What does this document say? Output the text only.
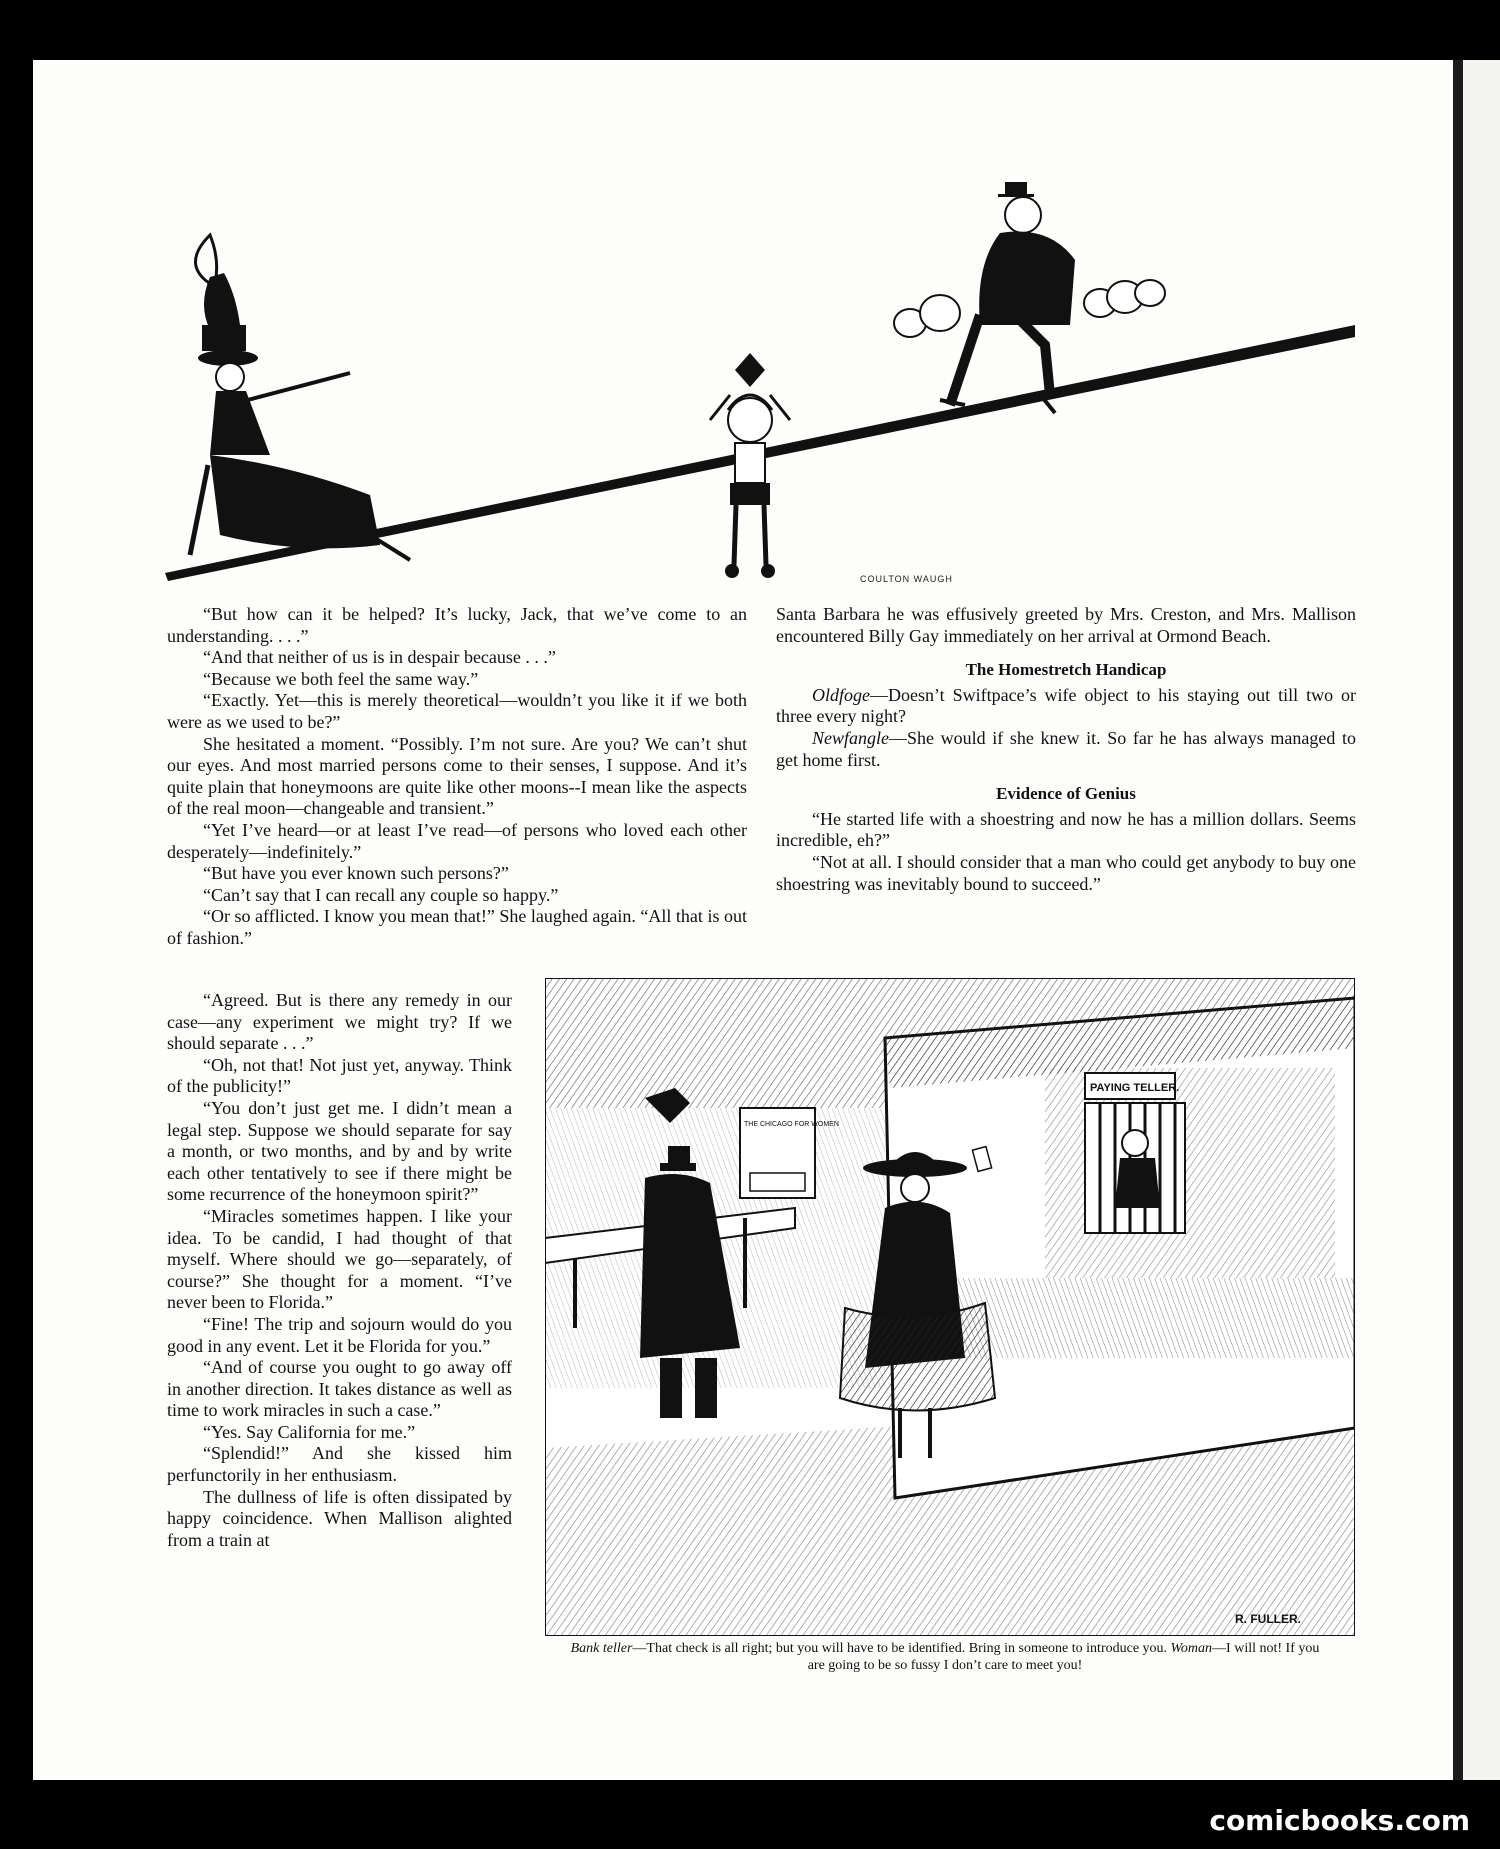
COULTON WAUGH

“But how can it be helped? It’s lucky, Jack, that we’ve come to an understanding. . . .”

“And that neither of us is in despair because . . .”

“Because we both feel the same way.”

“Exactly. Yet—this is merely theoretical—wouldn’t you like it if we both were as we used to be?”

She hesitated a moment. “Possibly. I’m not sure. Are you? We can’t shut our eyes. And most married persons come to their senses, I suppose. And it’s quite plain that honeymoons are quite like other moons--I mean like the aspects of the real moon—changeable and transient.”

“Yet I’ve heard—or at least I’ve read—of persons who loved each other desperately—indefinitely.”

“But have you ever known such persons?”

“Can’t say that I can recall any couple so happy.”

“Or so afflicted. I know you mean that!” She laughed again. “All that is out of fashion.”

“Agreed. But is there any remedy in our case—any experiment we might try? If we should separate . . .”

“Oh, not that! Not just yet, anyway. Think of the publicity!”

“You don’t just get me. I didn’t mean a legal step. Suppose we should separate for say a month, or two months, and by and by write each other tentatively to see if there might be some recurrence of the honeymoon spirit?”

“Miracles sometimes happen. I like your idea. To be candid, I had thought of that myself. Where should we go—separately, of course?” She thought for a moment. “I’ve never been to Florida.”

“Fine! The trip and sojourn would do you good in any event. Let it be Florida for you.”

“And of course you ought to go away off in another direction. It takes distance as well as time to work miracles in such a case.”

“Yes. Say California for me.”

“Splendid!” And she kissed him perfunctorily in her enthusiasm.

The dullness of life is often dissipated by happy coincidence. When Mallison alighted from a train at

Santa Barbara he was effusively greeted by Mrs. Creston, and Mrs. Mallison encountered Billy Gay immediately on her arrival at Ormond Beach.

The Homestretch Handicap

Oldfoge—Doesn’t Swiftpace’s wife object to his staying out till two or three every night?

Newfangle—She would if she knew it. So far he has always managed to get home first.

Evidence of Genius

“He started life with a shoestring and now he has a million dollars. Seems incredible, eh?”

“Not at all. I should consider that a man who could get anybody to buy one shoestring was inevitably bound to succeed.”

PAYING TELLER.
THE CHICAGO FOR WOMEN
R. FULLER.
Bank teller—That check is all right; but you will have to be identified. Bring in someone to introduce you. Woman—I will not! If you are going to be so fussy I don’t care to meet you!
comicbooks.com
